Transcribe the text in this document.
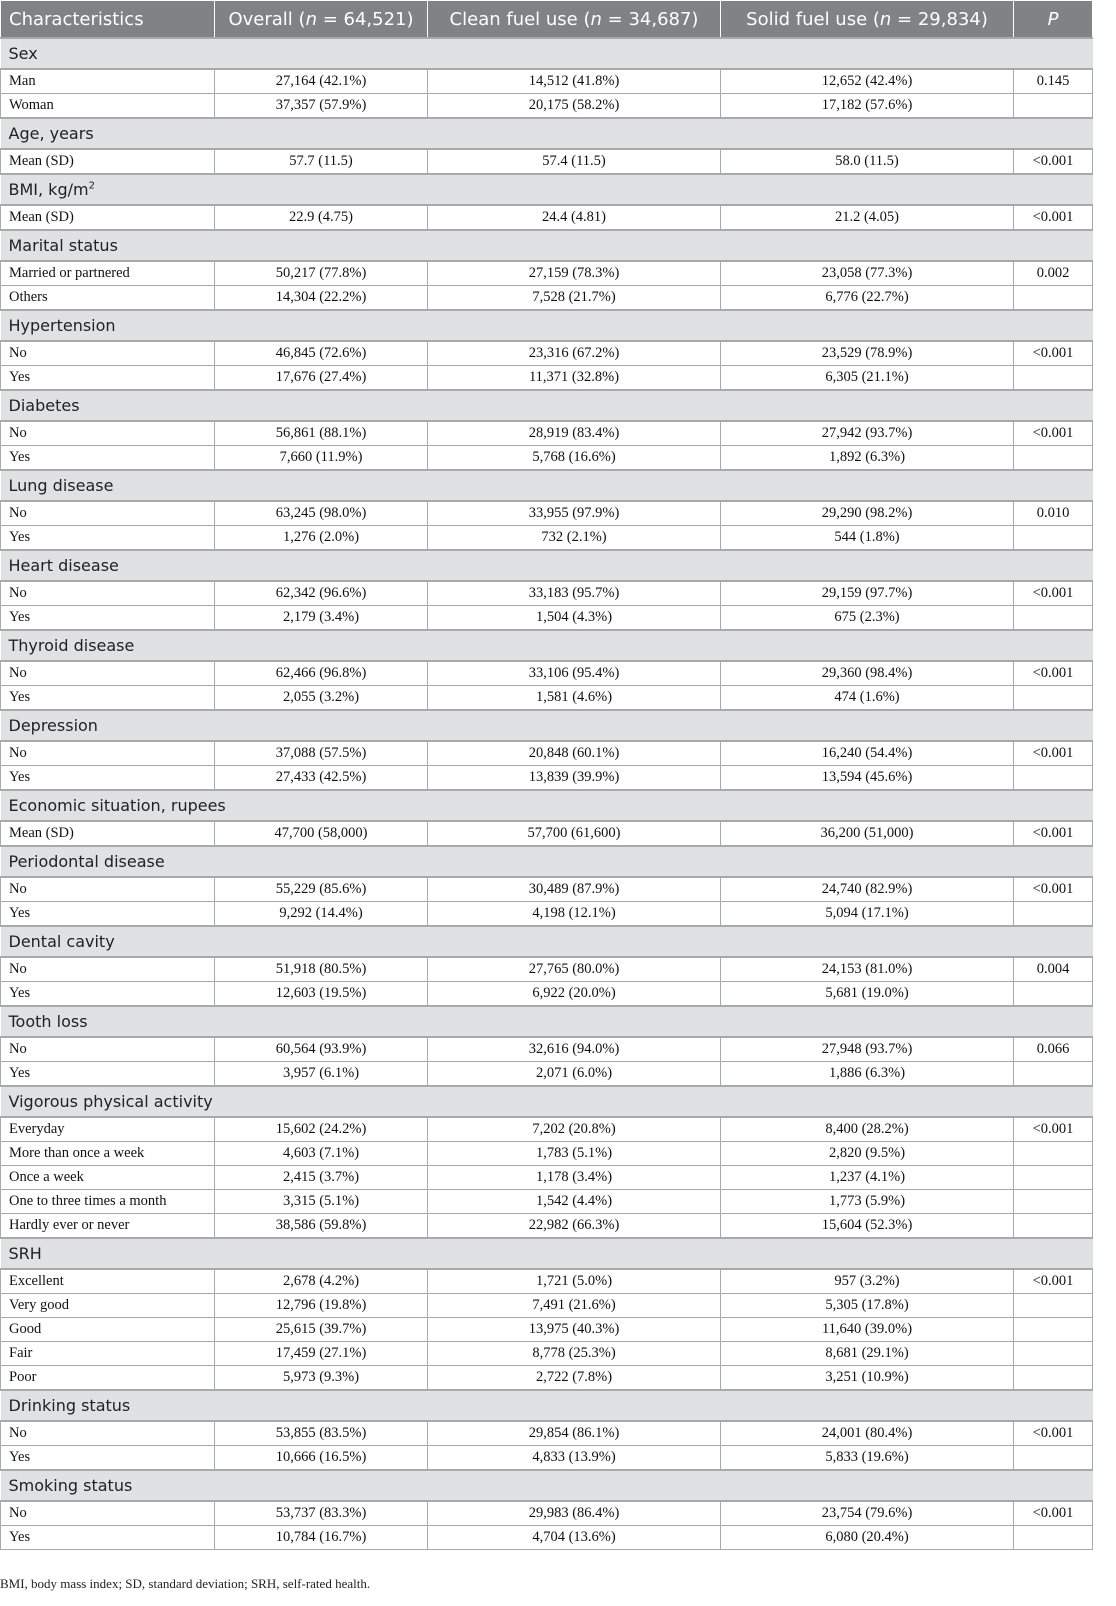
Characteristics	Overall (n = 64,521)	Clean fuel use (n = 34,687)	Solid fuel use (n = 29,834)	P
Sex				
Man	27,164 (42.1%)	14,512 (41.8%)	12,652 (42.4%)	0.145
Woman	37,357 (57.9%)	20,175 (58.2%)	17,182 (57.6%)	
Age, years				
Mean (SD)	57.7 (11.5)	57.4 (11.5)	58.0 (11.5)	<0.001
BMI, $kg/m^2$
Mean (SD)	22.9 (4.75)	24.4 (4.81)	21.2 (4.05)	<0.001
Marital status				
Married or partnered	50,217 (77.8%)	27,159 (78.3%)	23,058 (77.3%)	0.002
Others	14,304 (22.2%)	7,528 (21.7%)	6,776 (22.7%)	
Hypertension				
No	46,845 (72.6%)	23,316 (67.2%)	23,529 (78.9%)	<0.001
Yes	17,676 (27.4%)	11,371 (32.8%)	6,305 (21.1%)	
Diabetes				
No	56,861 (88.1%)	28,919 (83.4%)	27,942 (93.7%)	<0.001
Yes	7,660 (11.9%)	5,768 (16.6%)	1,892 (6.3%)	
Lung disease				
No	63,245 (98.0%)	33,955 (97.9%)	29,290 (98.2%)	0.010
Yes	1,276 (2.0%)	732 (2.1%)	544 (1.8%)	
Heart disease				
No	62,342 (96.6%)	33,183 (95.7%)	29,159 (97.7%)	<0.001
Yes	2,179 (3.4%)	1,504 (4.3%)	675 (2.3%)	
Thyroid disease				
No	62,466 (96.8%)	33,106 (95.4%)	29,360 (98.4%)	<0.001
Yes	2,055 (3.2%)	1,581 (4.6%)	474 (1.6%)	
Depression				
No	37,088 (57.5%)	20,848 (60.1%)	16,240 (54.4%)	<0.001
Yes	27,433 (42.5%)	13,839 (39.9%)	13,594 (45.6%)	
Economic situation, rupees				
Mean (SD)	47,700 (58,000)	57,700 (61,600)	36,200 (51,000)	<0.001
Periodontal disease				
No	55,229 (85.6%)	30,489 (87.9%)	24,740 (82.9%)	<0.001
Yes	9,292 (14.4%)	4,198 (12.1%)	5,094 (17.1%)	
Dental cavity				
No	51,918 (80.5%)	27,765 (80.0%)	24,153 (81.0%)	0.004
Yes	12,603 (19.5%)	6,922 (20.0%)	5,681 (19.0%)	
Tooth loss				
No	60,564 (93.9%)	32,616 (94.0%)	27,948 (93.7%)	0.066
Yes	3,957 (6.1%)	2,071 (6.0%)	1,886 (6.3%)	
Vigorous physical activity				
Everyday	15,602 (24.2%)	7,202 (20.8%)	8,400 (28.2%)	<0.001
More than once a week	4,603 (7.1%)	1,783 (5.1%)	2,820 (9.5%)	
Once a week	2,415 (3.7%)	1,178 (3.4%)	1,237 (4.1%)	
One to three times a month	3,315 (5.1%)	1,542 (4.4%)	1,773 (5.9%)	
Hardly ever or never	38,586 (59.8%)	22,982 (66.3%)	15,604 (52.3%)	
SRH				
Excellent	2,678 (4.2%)	1,721 (5.0%)	957 (3.2%)	<0.001
Very good	12,796 (19.8%)	7,491 (21.6%)	5,305 (17.8%)	
Good	25,615 (39.7%)	13,975 (40.3%)	11,640 (39.0%)	
Fair	17,459 (27.1%)	8,778 (25.3%)	8,681 (29.1%)	
Poor	5,973 (9.3%)	2,722 (7.8%)	3,251 (10.9%)	
Drinking status				
No	53,855 (83.5%)	29,854 (86.1%)	24,001 (80.4%)	<0.001
Yes	10,666 (16.5%)	4,833 (13.9%)	5,833 (19.6%)	
Smoking status				
No	53,737 (83.3%)	29,983 (86.4%)	23,754 (79.6%)	<0.001
Yes	10,784 (16.7%)	4,704 (13.6%)	6,080 (20.4%)	
BMI, body mass index; SD, standard deviation; SRH, self-rated health.
